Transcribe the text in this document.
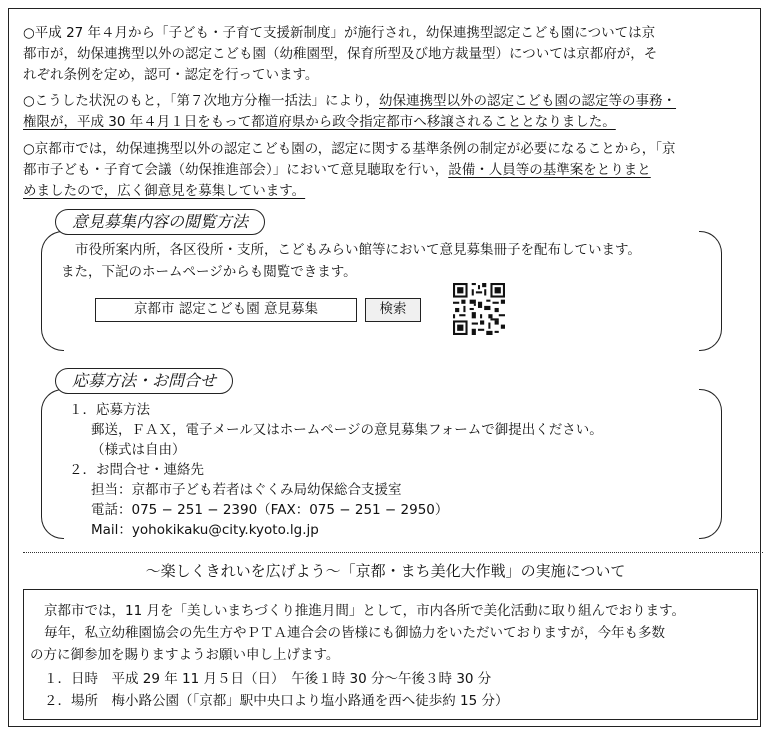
○平成 27 年４月から「子ども・子育て支援新制度」が施行され，幼保連携型認定こども園については京
都市が，幼保連携型以外の認定こども園（幼稚園型，保育所型及び地方裁量型）については京都府が，そ
れぞれ条例を定め，認可・認定を行っています。
○こうした状況のもと，「第７次地方分権一括法」により，幼保連携型以外の認定こども園の認定等の事務・
権限が，平成 30 年４月１日をもって都道府県から政令指定都市へ移譲されることとなりました。
○京都市では，幼保連携型以外の認定こども園の，認定に関する基準条例の制定が必要になることから，「京
都市子ども・子育て会議（幼保推進部会）」において意見聴取を行い，設備・人員等の基準案をとりまと
めましたので，広く御意見を募集しています。
意見募集内容の閲覧方法
市役所案内所，各区役所・支所，こどもみらい館等において意見募集冊子を配布しています。
また，下記のホームページからも閲覧できます。
京都市 認定こども園 意見募集	検索
応募方法・お問合せ
１．応募方法
郵送，ＦＡＸ，電子メール又はホームページの意見募集フォームで御提出ください。
（様式は自由）
２．お問合せ・連絡先
担当：京都市子ども若者はぐくみ局幼保総合支援室
電話：075 − 251 − 2390（FAX：075 − 251 − 2950）
Mail：yohokikaku@city.kyoto.lg.jp
〜楽しくきれいを広げよう〜「京都・まち美化大作戦」の実施について
京都市では，11 月を「美しいまちづくり推進月間」として，市内各所で美化活動に取り組んでおります。
毎年，私立幼稚園協会の先生方やＰＴＡ連合会の皆様にも御協力をいただいておりますが，今年も多数
の方に御参加を賜りますようお願い申し上げます。
１．日時　平成 29 年 11 月５日（日）　午後１時 30 分〜午後３時 30 分
２．場所　梅小路公園（「京都」駅中央口より塩小路通を西へ徒歩約 15 分）
